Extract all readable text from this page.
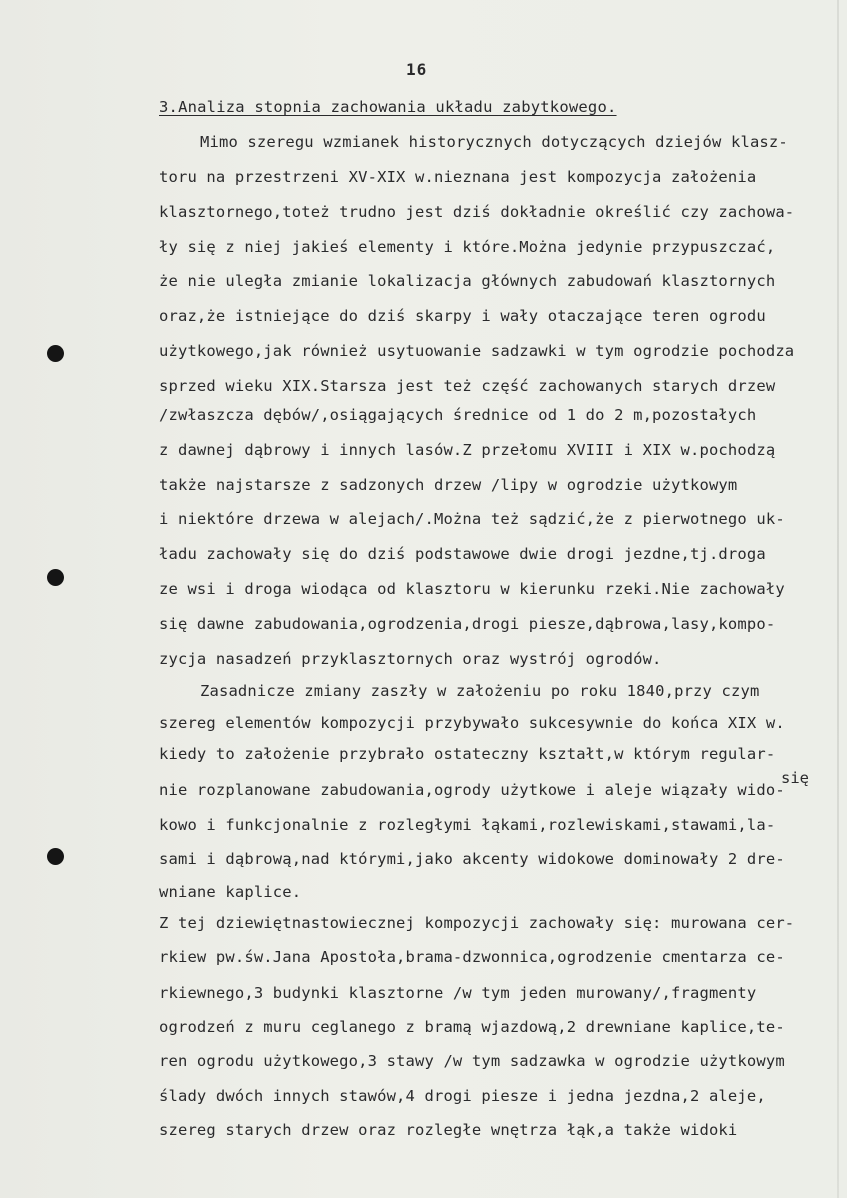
16
3.Analiza stopnia zachowania układu zabytkowego.
Mimo szeregu wzmianek historycznych dotyczących dziejów klasz-
toru na przestrzeni XV-XIX w.nieznana jest kompozycja założenia
klasztornego,toteż trudno jest dziś dokładnie określić czy zachowa-
ły się z niej jakieś elementy i które.Można jedynie przypuszczać,
że nie uległa zmianie lokalizacja głównych zabudowań klasztornych
oraz,że istniejące do dziś skarpy i wały otaczające teren ogrodu
użytkowego,jak również usytuowanie sadzawki w tym ogrodzie pochodza
sprzed wieku XIX.Starsza jest też część zachowanych starych drzew
/zwłaszcza dębów/,osiągających średnice od 1 do 2 m,pozostałych
z dawnej dąbrowy i innych lasów.Z przełomu XVIII i XIX w.pochodzą
także najstarsze z sadzonych drzew /lipy w ogrodzie użytkowym
i niektóre drzewa w alejach/.Można też sądzić,że z pierwotnego uk-
ładu zachowały się do dziś podstawowe dwie drogi jezdne,tj.droga
ze wsi i droga wiodąca od klasztoru w kierunku rzeki.Nie zachowały
się dawne zabudowania,ogrodzenia,drogi piesze,dąbrowa,lasy,kompo-
zycja nasadzeń przyklasztornych oraz wystrój ogrodów.
Zasadnicze zmiany zaszły w założeniu po roku 1840,przy czym
szereg elementów kompozycji przybywało sukcesywnie do końca XIX w.
kiedy to założenie przybrało ostateczny kształt,w którym regular-
nie rozplanowane zabudowania,ogrody użytkowe i aleje wiązały wido-
się
kowo i funkcjonalnie z rozległymi łąkami,rozlewiskami,stawami,la-
sami i dąbrową,nad którymi,jako akcenty widokowe dominowały 2 dre-
wniane kaplice.
Z tej dziewiętnastowiecznej kompozycji zachowały się: murowana cer-
rkiew pw.św.Jana Apostoła,brama-dzwonnica,ogrodzenie cmentarza ce-
rkiewnego,3 budynki klasztorne /w tym jeden murowany/,fragmenty
ogrodzeń z muru ceglanego z bramą wjazdową,2 drewniane kaplice,te-
ren ogrodu użytkowego,3 stawy /w tym sadzawka w ogrodzie użytkowym
ślady dwóch innych stawów,4 drogi piesze i jedna jezdna,2 aleje,
szereg starych drzew oraz rozległe wnętrza łąk,a także widoki
